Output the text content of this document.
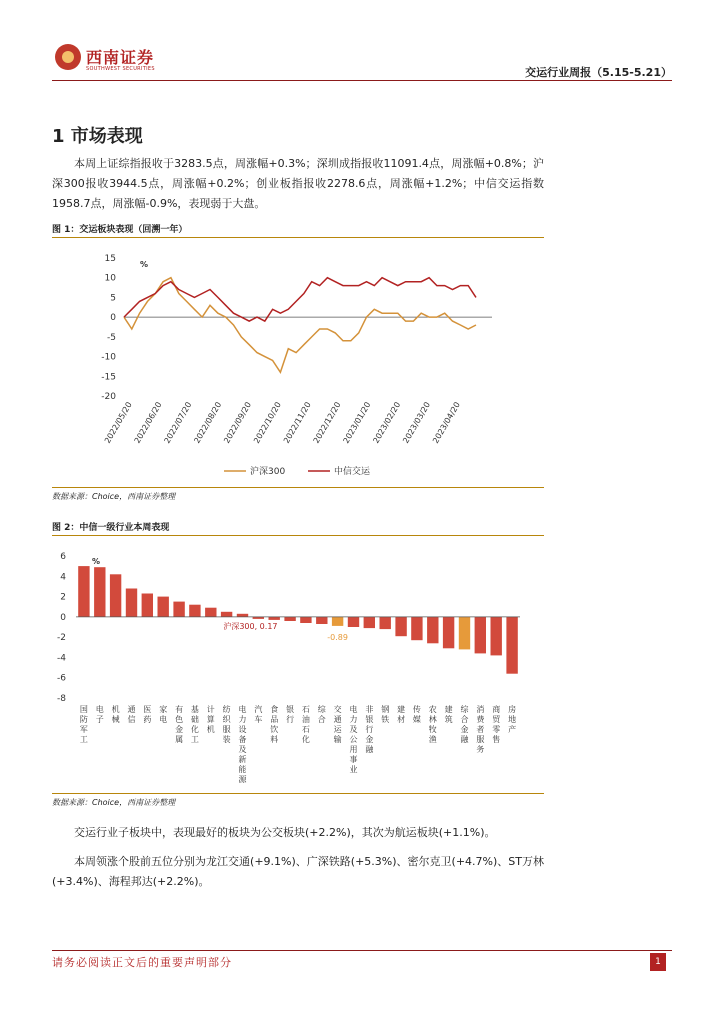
西南证券
SOUTHWEST SECURITIES	交运行业周报（5.15-5.21）
1 市场表现
本周上证综指报收于3283.5点，周涨幅+0.3%；深圳成指报收11091.4点，周涨幅+0.8%；沪深300报收3944.5点，周涨幅+0.2%；创业板指报收2278.6点，周涨幅+1.2%；中信交运指数1958.7点，周涨幅-0.9%，表现弱于大盘。
图 1：交运板块表现（回溯一年）
15
10
5
0
-5
-10
-15
-20
%
2022/05/20
2022/06/20
2022/07/20
2022/08/20
2022/09/20
2022/10/20
2022/11/20
2022/12/20
2023/01/20
2023/02/20
2023/03/20
2023/04/20
沪深300	中信交运
数据来源：Choice，西南证券整理
图 2：中信一级行业本周表现
6
4
2
0
-2
-4
-6
-8
%
国防军工
电子
机械
通信
医药
家电
有色金属
基础化工
计算机
纺织服装
电力设备及新能源
汽车
食品饮料
银行
石油石化
综合
交通运输
电力及公用事业
非银行金融
钢铁
建材
传媒
农林牧渔
建筑
综合金融
消费者服务
商贸零售
房地产
沪深300, 0.17
-0.89
数据来源：Choice，西南证券整理
交运行业子板块中，表现最好的板块为公交板块(+2.2%)，其次为航运板块(+1.1%)。
本周领涨个股前五位分别为龙江交通(+9.1%)、广深铁路(+5.3%)、密尔克卫(+4.7%)、ST万林(+3.4%)、海程邦达(+2.2%)。
请务必阅读正文后的重要声明部分	1
